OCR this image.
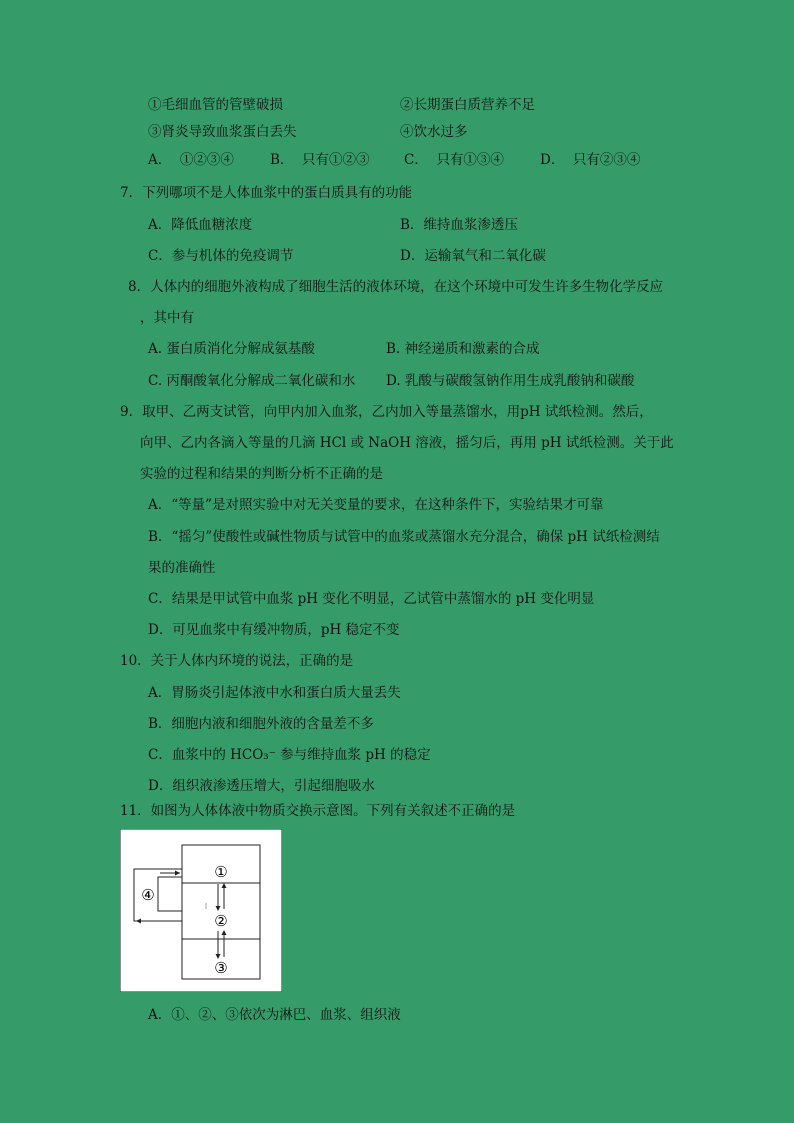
①毛细血管的管壁破损	②长期蛋白质营养不足
③肾炎导致血浆蛋白丢失	④饮水过多
A． ①②③④	B． 只有①②③	C． 只有①③④	D． 只有②③④
7．下列哪项不是人体血浆中的蛋白质具有的功能
A．降低血糖浓度	B．维持血浆渗透压
C．参与机体的免疫调节	D．运输氧气和二氧化碳
8．人体内的细胞外液构成了细胞生活的液体环境，在这个环境中可发生许多生物化学反应
，其中有
A. 蛋白质消化分解成氨基酸	B. 神经递质和激素的合成
C. 丙酮酸氧化分解成二氧化碳和水 D. 乳酸与碳酸氢钠作用生成乳酸钠和碳酸
9．取甲、乙两支试管，向甲内加入血浆，乙内加入等量蒸馏水，用pH 试纸检测。然后，
向甲、乙内各滴入等量的几滴 HCl 或 NaOH 溶液，摇匀后，再用 pH 试纸检测。关于此
实验的过程和结果的判断分析不正确的是
A．“等量”是对照实验中对无关变量的要求，在这种条件下，实验结果才可靠
B．“摇匀”使酸性或碱性物质与试管中的血浆或蒸馏水充分混合，确保 pH 试纸检测结
果的准确性
C．结果是甲试管中血浆 pH 变化不明显，乙试管中蒸馏水的 pH 变化明显
D．可见血浆中有缓冲物质，pH 稳定不变
10．关于人体内环境的说法，正确的是
A．胃肠炎引起体液中水和蛋白质大量丢失
B．细胞内液和细胞外液的含量差不多
C．血浆中的 HCO₃⁻ 参与维持血浆 pH 的稳定
D．组织液渗透压增大，引起细胞吸水
11．如图为人体体液中物质交换示意图。下列有关叙述不正确的是
①
②
③
④
A．①、②、③依次为淋巴、血浆、组织液
